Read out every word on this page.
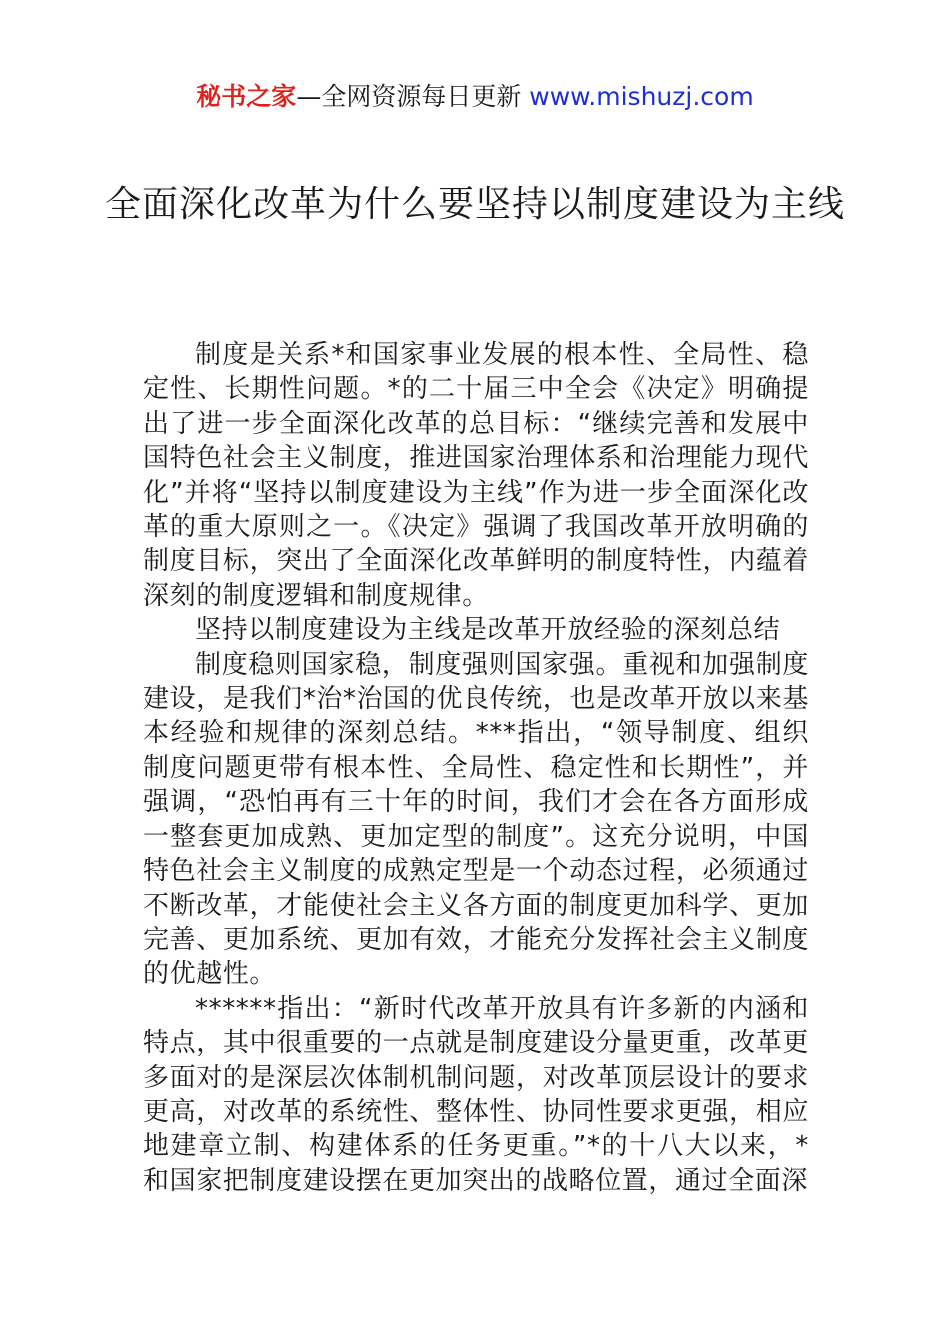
秘书之家—全网资源每日更新 www.mishuzj.com
全面深化改革为什么要坚持以制度建设为主线

制度是关系*和国家事业发展的根本性、全局性、稳定性、长期性问题。*的二十届三中全会《决定》明确提出了进一步全面深化改革的总目标：“继续完善和发展中国特色社会主义制度，推进国家治理体系和治理能力现代化”并将“坚持以制度建设为主线”作为进一步全面深化改革的重大原则之一。《决定》强调了我国改革开放明确的制度目标，突出了全面深化改革鲜明的制度特性，内蕴着深刻的制度逻辑和制度规律。

坚持以制度建设为主线是改革开放经验的深刻总结

制度稳则国家稳，制度强则国家强。重视和加强制度建设，是我们*治*治国的优良传统，也是改革开放以来基本经验和规律的深刻总结。***指出，“领导制度、组织制度问题更带有根本性、全局性、稳定性和长期性”，并强调，“恐怕再有三十年的时间，我们才会在各方面形成一整套更加成熟、更加定型的制度”。这充分说明，中国特色社会主义制度的成熟定型是一个动态过程，必须通过不断改革，才能使社会主义各方面的制度更加科学、更加完善、更加系统、更加有效，才能充分发挥社会主义制度的优越性。

******指出：“新时代改革开放具有许多新的内涵和特点，其中很重要的一点就是制度建设分量更重，改革更多面对的是深层次体制机制问题，对改革顶层设计的要求更高，对改革的系统性、整体性、协同性要求更强，相应地建章立制、构建体系的任务更重。”*的十八大以来，*和国家把制度建设摆在更加突出的战略位置，通过全面深
